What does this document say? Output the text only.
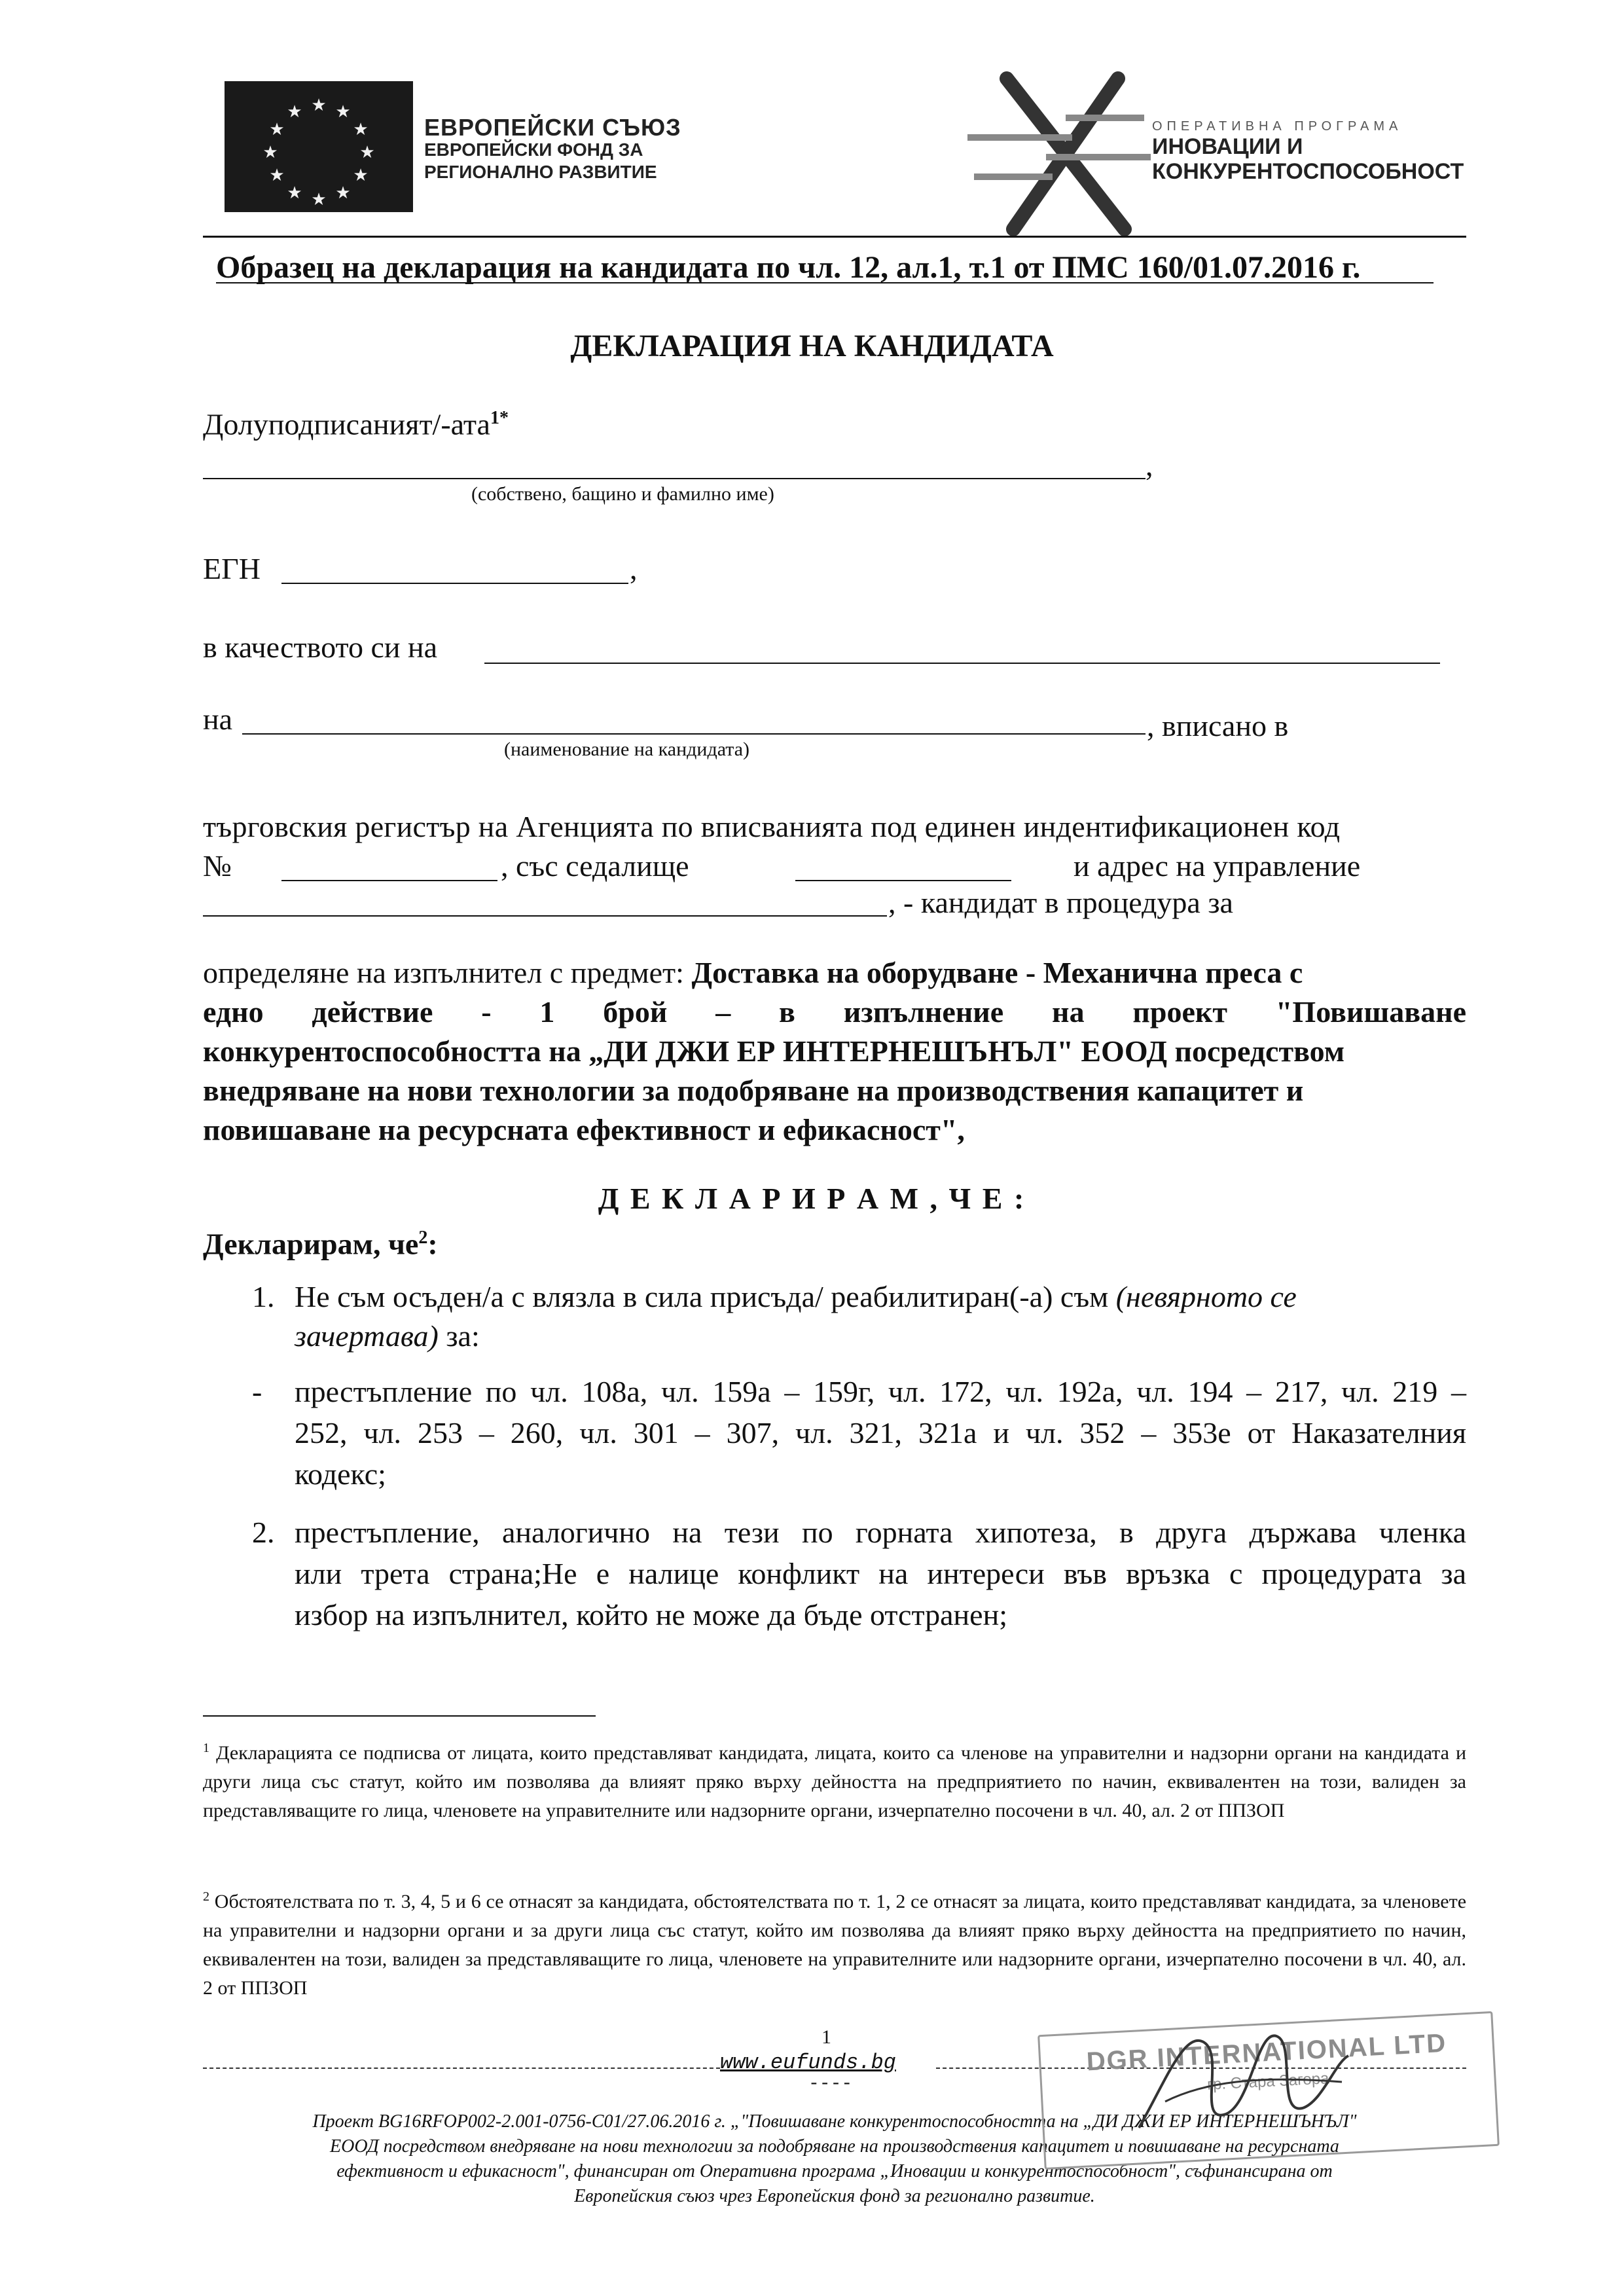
★ ★
★
★
★
★
★
★
★
★
★
★
ЕВРОПЕЙСКИ СЪЮЗ
ЕВРОПЕЙСКИ ФОНД ЗА
РЕГИОНАЛНО РАЗВИТИЕ
ОПЕРАТИВНА ПРОГРАМА
ИНОВАЦИИ И
КОНКУРЕНТОСПОСОБНОСТ
Образец на декларация на кандидата по чл. 12, ал.1, т.1 от ПМС 160/01.07.2016 г.
ДЕКЛАРАЦИЯ НА КАНДИДАТА
Долуподписаният/-ата$^{1*}$
,
(собствено, бащино и фамилно име)
ЕГН	,
в качеството си на
на	, вписано в
(наименование на кандидата)
търговския регистър на Агенцията по вписванията под единен индентификационен код
№	, със седалище	и адрес на управление
, - кандидат в процедура за
определяне на изпълнител с предмет: Доставка на оборудване - Механична преса с
едно действие - 1 брой – в изпълнение на проект "Повишаване
конкурентоспособността на „ДИ ДЖИ ЕР ИНТЕРНЕШЪНЪЛ" ЕООД посредством
внедряване на нови технологии за подобряване на производствения капацитет и
повишаване на ресурсната ефективност и ефикасност",
Д Е К Л А Р И Р А М , Ч Е :
Декларирам, $че^2$:
1. Не съм осъден/а с влязла в сила присъда/ реабилитиран(-а) съм (невярното се
зачертава) за:
- престъпление по чл. 108а, чл. 159а – 159г, чл. 172, чл. 192а, чл. 194 – 217, чл. 219 –
252, чл. 253 – 260, чл. 301 – 307, чл. 321, 321а и чл. 352 – 353е от Наказателния
кодекс;
2. престъпление, аналогично на тези по горната хипотеза, в друга държава членка
или трета страна;Не е налице конфликт на интереси във връзка с процедурата за
избор на изпълнител, който не може да бъде отстранен;
$^1$ Декларацията се подписва от лицата, които представляват кандидата, лицата, които са членове на управителни и надзорни органи на кандидата и други лица със статут, който им позволява да влияят пряко върху дейността на предприятието по начин, еквивалентен на този, валиден за представляващите го лица, членовете на управителните или надзорните органи, изчерпателно посочени в чл. 40, ал. 2 от ППЗОП
$^2$ Обстоятелствата по т. 3, 4, 5 и 6 се отнасят за кандидата, обстоятелствата по т. 1, 2 се отнасят за лицата, които представляват кандидата, за членовете на управителни и надзорни органи и за други лица със статут, който им позволява да влияят пряко върху дейността на предприятието по начин, еквивалентен на този, валиден за представляващите го лица, членовете на управителните или надзорните органи, изчерпателно посочени в чл. 40, ал. 2 от ППЗОП
1
www.eufunds.bg
----
Проект BG16RFOP002-2.001-0756-C01/27.06.2016 г. „"Повишаване конкурентоспособността на „ДИ ДЖИ ЕР ИНТЕРНЕШЪНЪЛ"
ЕООД посредством внедряване на нови технологии за подобряване на производствения капацитет и повишаване на ресурсната
ефективност и ефикасност", финансиран от Оперативна програма „Иновации и конкурентоспособност", съфинансирана от
Европейския съюз чрез Европейския фонд за регионално развитие.
DGR INTERNATIONAL LTD
гр. Стара Загора
